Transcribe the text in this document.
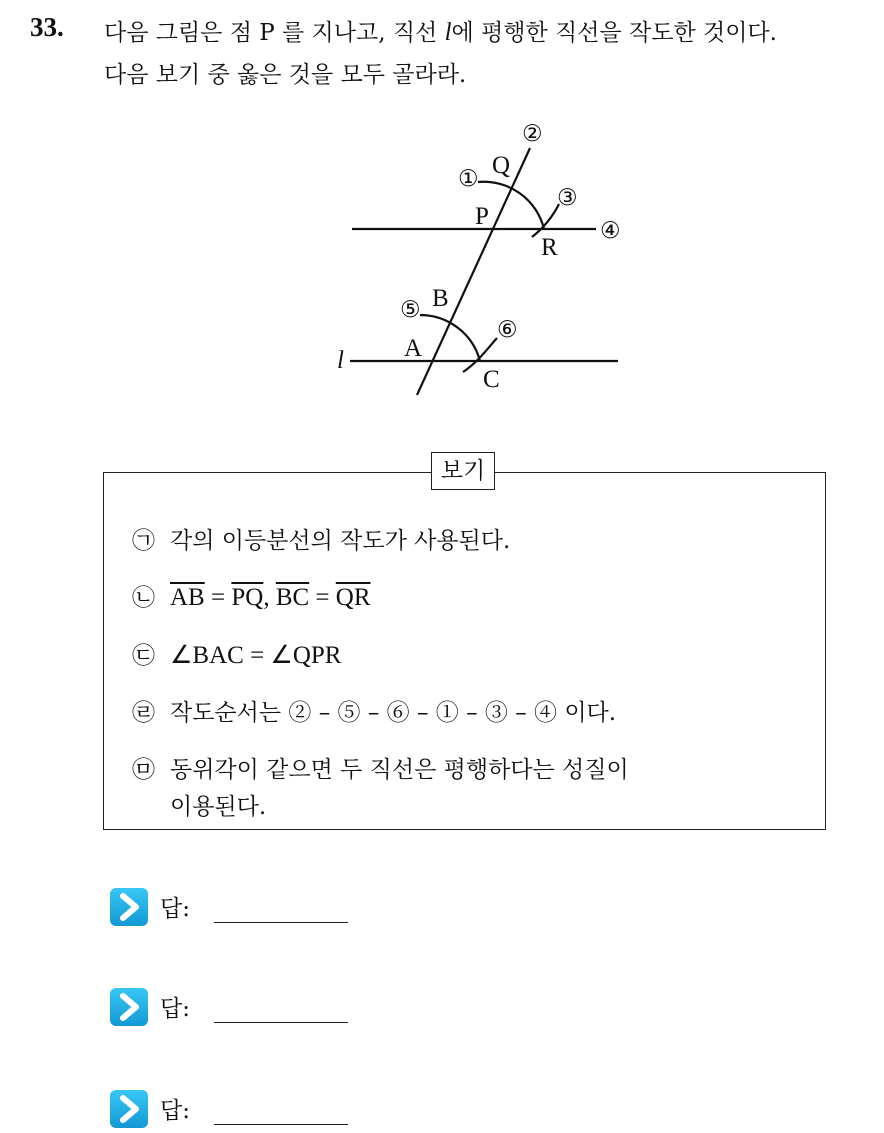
33. 다음 그림은 점 P 를 지나고, 직선 l에 평행한 직선을 작도한 것이다.
다음 보기 중 옳은 것을 모두 골라라.
Q
P
R
B
A
C
l
①
②
③
④
⑤
⑥
보기
㉠ 각의 이등분선의 작도가 사용된다.
㉡ $\overline{AB} = \overline{PQ}$, $\overline{BC} = \overline{QR}$
㉢ ∠BAC = ∠QPR
㉣ 작도순서는 ② – ⑤ – ⑥ – ① – ③ – ④ 이다.
㉤ 동위각이 같으면 두 직선은 평행하다는 성질이
이용된다.
답:
답:
답:
